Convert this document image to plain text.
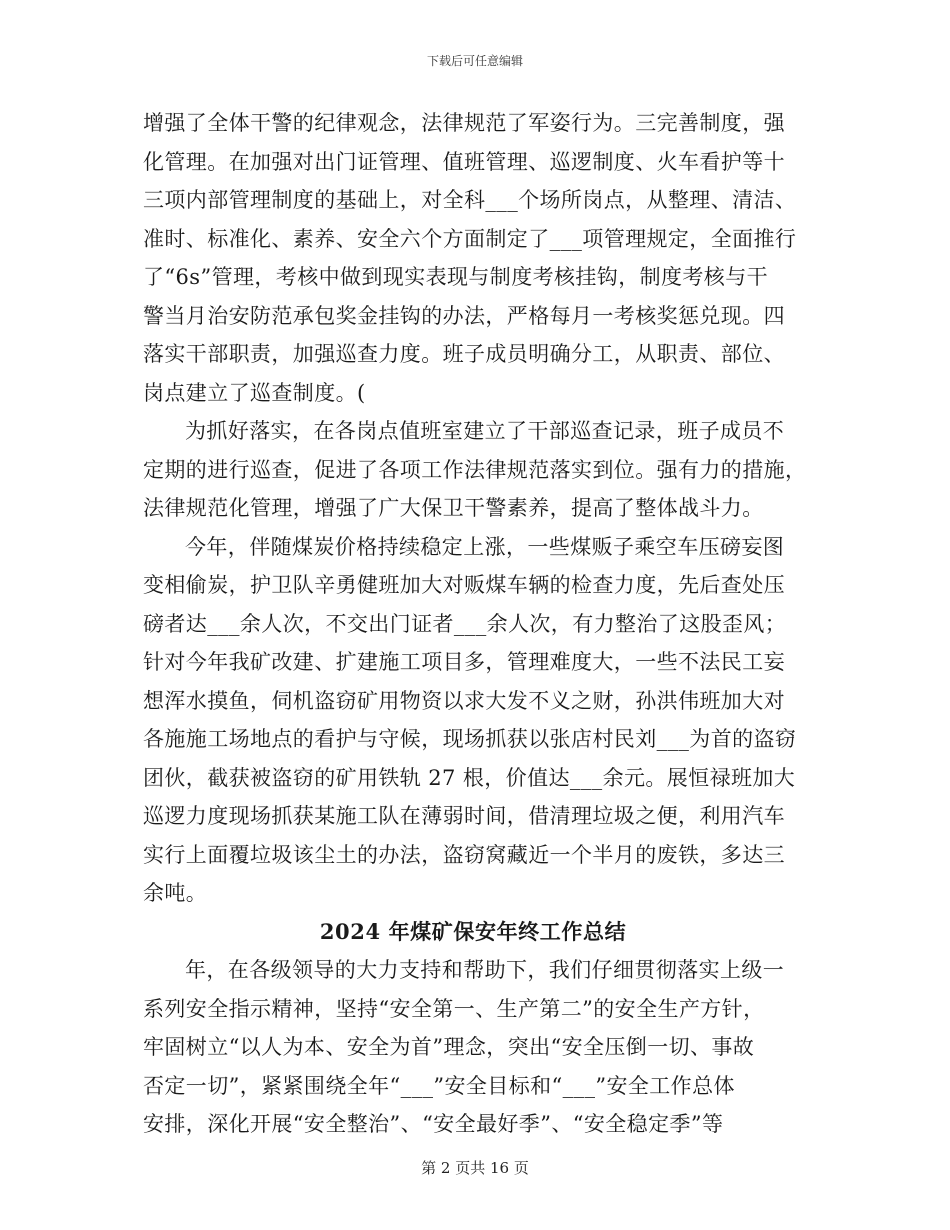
下载后可任意编辑
增强了全体干警的纪律观念，法律规范了军姿行为。三完善制度，强
化管理。在加强对出门证管理、值班管理、巡逻制度、火车看护等十
三项内部管理制度的基础上，对全科___个场所岗点，从整理、清洁、
准时、标准化、素养、安全六个方面制定了___项管理规定，全面推行
了“6s”管理，考核中做到现实表现与制度考核挂钩，制度考核与干
警当月治安防范承包奖金挂钩的办法，严格每月一考核奖惩兑现。四
落实干部职责，加强巡查力度。班子成员明确分工，从职责、部位、
岗点建立了巡查制度。(
为抓好落实，在各岗点值班室建立了干部巡查记录，班子成员不
定期的进行巡查，促进了各项工作法律规范落实到位。强有力的措施，
法律规范化管理，增强了广大保卫干警素养，提高了整体战斗力。
今年，伴随煤炭价格持续稳定上涨，一些煤贩子乘空车压磅妄图
变相偷炭，护卫队辛勇健班加大对贩煤车辆的检查力度，先后查处压
磅者达___余人次，不交出门证者___余人次，有力整治了这股歪风；
针对今年我矿改建、扩建施工项目多，管理难度大，一些不法民工妄
想浑水摸鱼，伺机盗窃矿用物资以求大发不义之财，孙洪伟班加大对
各施施工场地点的看护与守候，现场抓获以张店村民刘___为首的盗窃
团伙，截获被盗窃的矿用铁轨 27 根，价值达___余元。展恒禄班加大
巡逻力度现场抓获某施工队在薄弱时间，借清理垃圾之便，利用汽车
实行上面覆垃圾该尘土的办法，盗窃窝藏近一个半月的废铁，多达三
余吨。
2024 年煤矿保安年终工作总结
年，在各级领导的大力支持和帮助下，我们仔细贯彻落实上级一
系列安全指示精神，坚持“安全第一、生产第二”的安全生产方针，
牢固树立“以人为本、安全为首”理念，突出“安全压倒一切、事故
否定一切”，紧紧围绕全年“___”安全目标和“___”安全工作总体
安排，深化开展“安全整治”、“安全最好季”、“安全稳定季”等
第 2 页共 16 页
